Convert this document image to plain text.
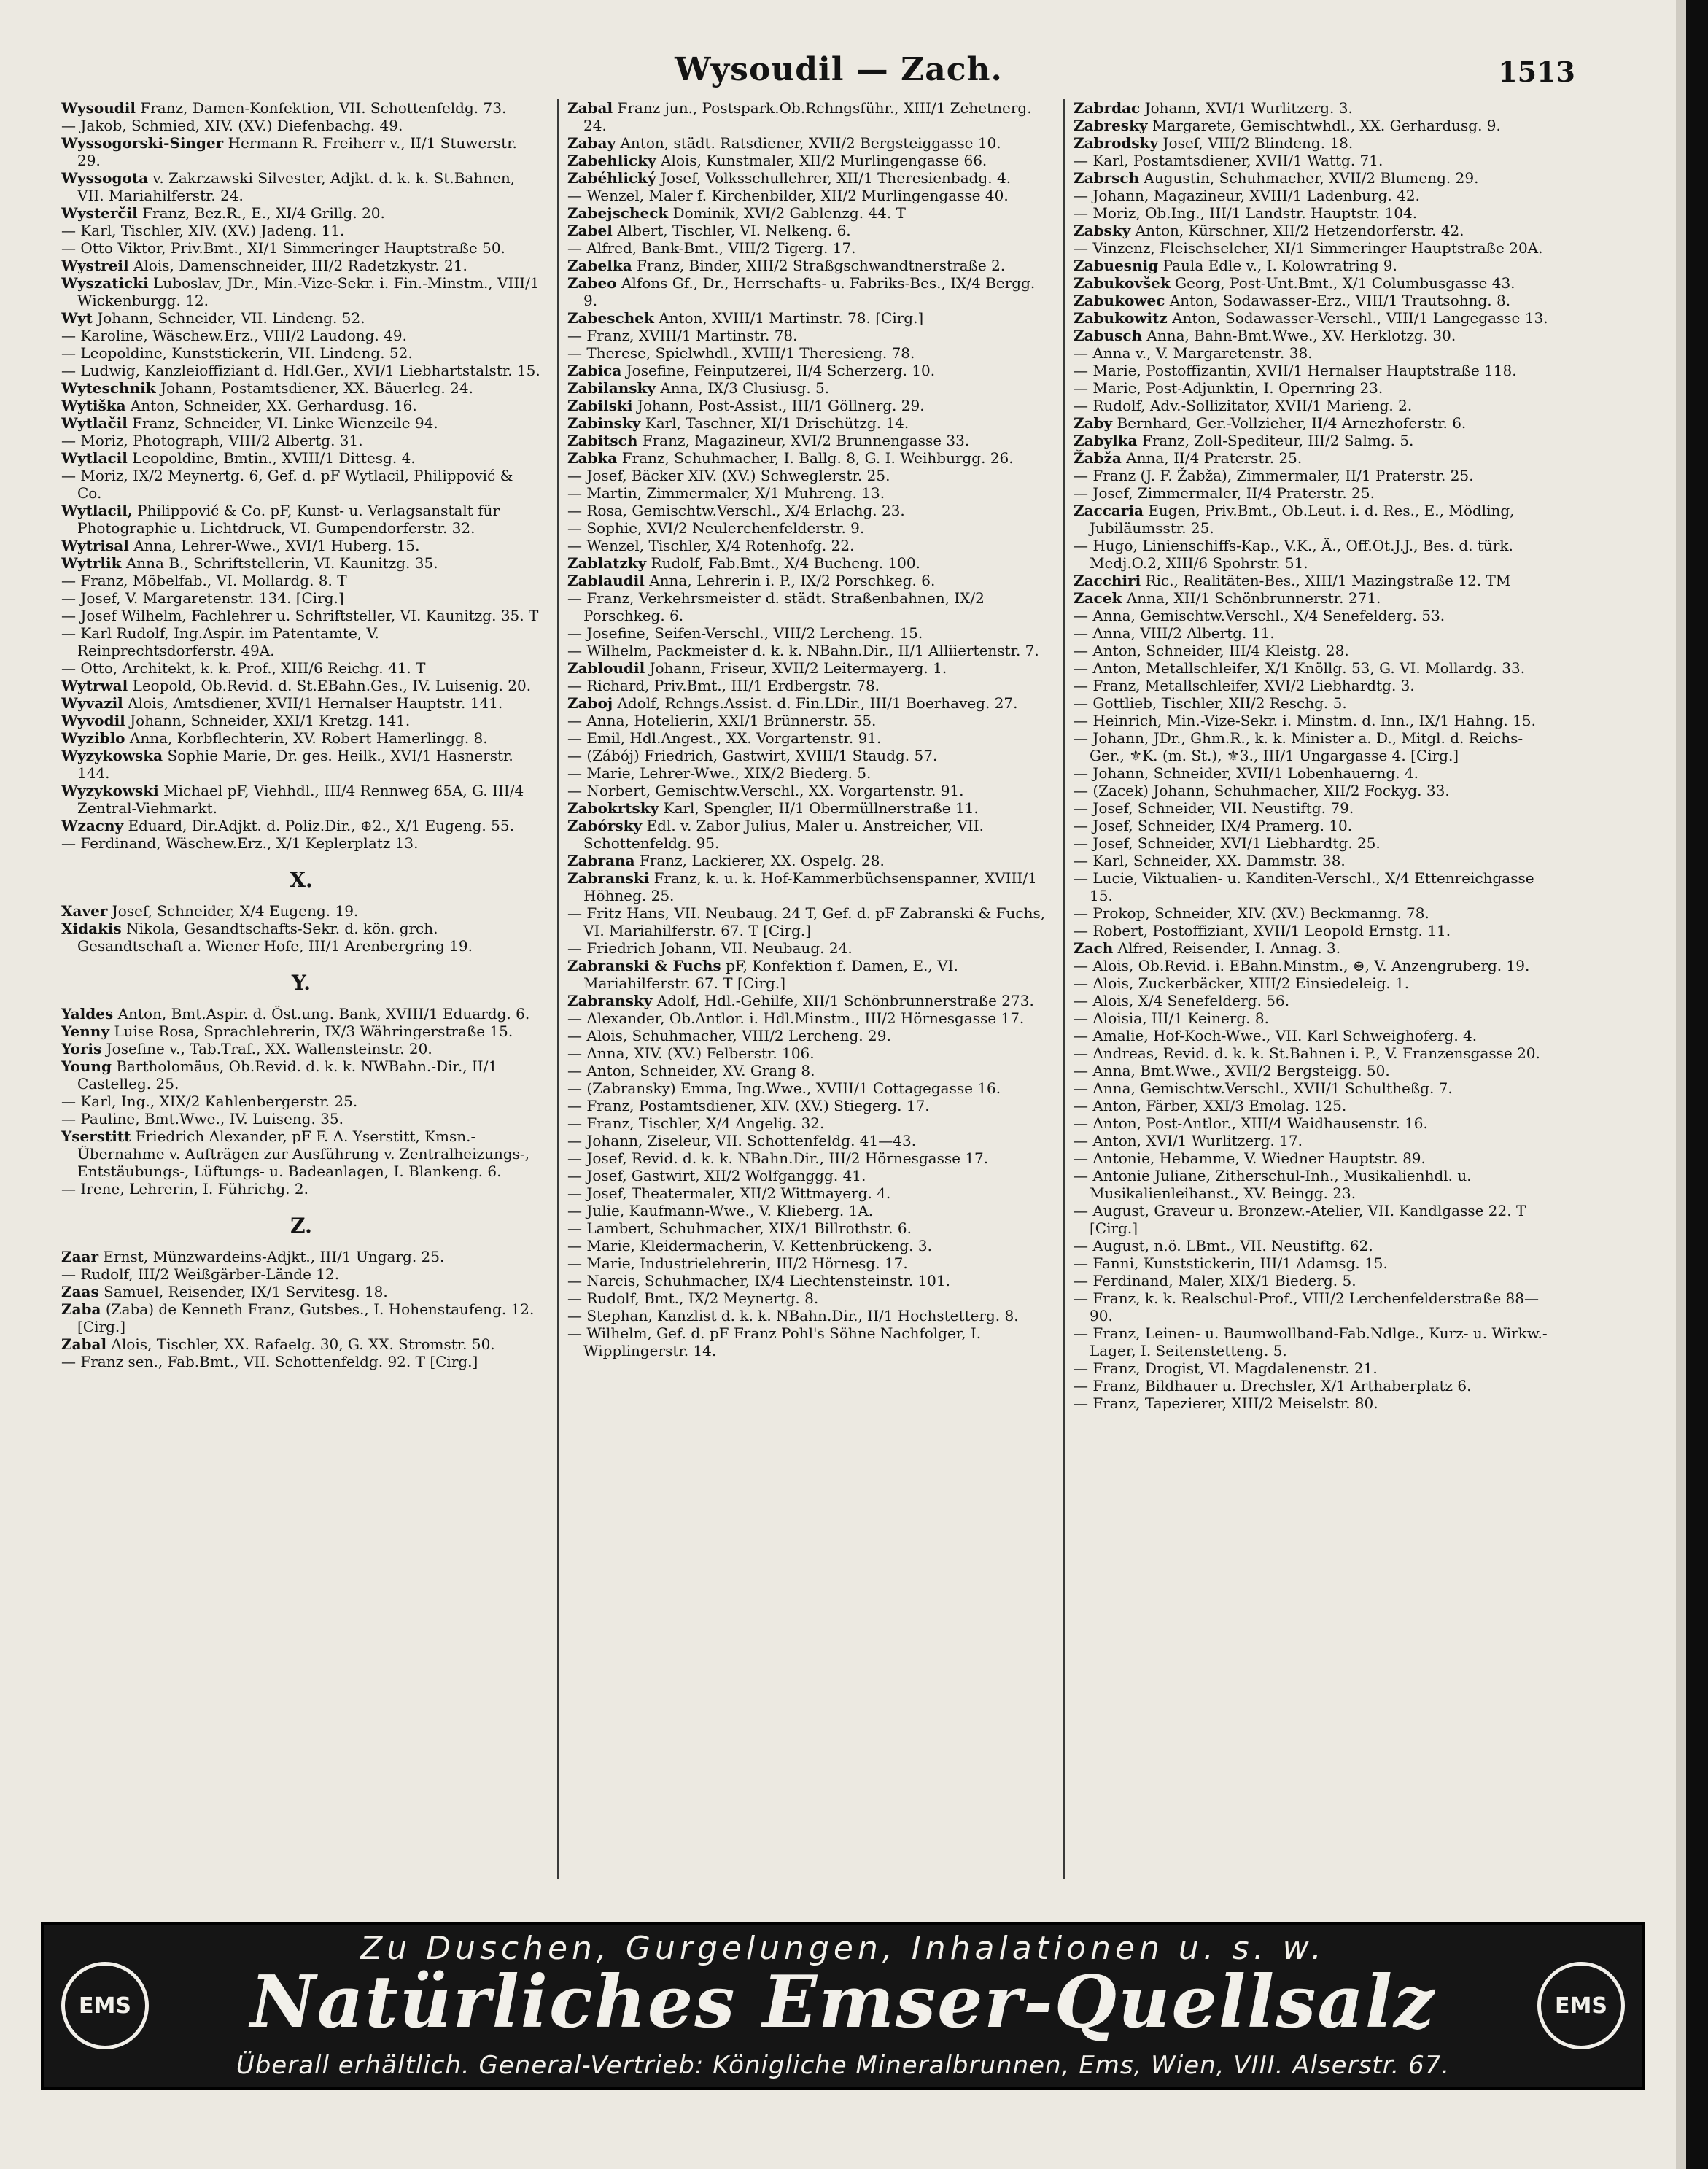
Wysoudil — Zach.	1513

Wysoudil Franz, Damen-Konfektion, VII. Schottenfeldg. 73.

— Jakob, Schmied, XIV. (XV.) Diefenbachg. 49.

Wyssogorski-Singer Hermann R. Freiherr v., II/1 Stuwerstr. 29.

Wyssogota v. Zakrzawski Silvester, Adjkt. d. k. k. St.Bahnen, VII. Mariahilferstr. 24.

Wysterčil Franz, Bez.R., E., XI/4 Grillg. 20.

— Karl, Tischler, XIV. (XV.) Jadeng. 11.

— Otto Viktor, Priv.Bmt., XI/1 Simmeringer Hauptstraße 50.

Wystreil Alois, Damenschneider, III/2 Radetzkystr. 21.

Wyszaticki Luboslav, JDr., Min.-Vize-Sekr. i. Fin.-Minstm., VIII/1 Wickenburgg. 12.

Wyt Johann, Schneider, VII. Lindeng. 52.

— Karoline, Wäschew.Erz., VIII/2 Laudong. 49.

— Leopoldine, Kunststickerin, VII. Lindeng. 52.

— Ludwig, Kanzleioffiziant d. Hdl.Ger., XVI/1 Liebhartstalstr. 15.

Wyteschnik Johann, Postamtsdiener, XX. Bäuerleg. 24.

Wytiška Anton, Schneider, XX. Gerhardusg. 16.

Wytlačil Franz, Schneider, VI. Linke Wienzeile 94.

— Moriz, Photograph, VIII/2 Albertg. 31.

Wytlacil Leopoldine, Bmtin., XVIII/1 Dittesg. 4.

— Moriz, IX/2 Meynertg. 6, Gef. d. pF Wytlacil, Philippović & Co.

Wytlacil, Philippović & Co. pF, Kunst- u. Verlagsanstalt für Photographie u. Lichtdruck, VI. Gumpendorferstr. 32.

Wytrisal Anna, Lehrer-Wwe., XVI/1 Huberg. 15.

Wytrlik Anna B., Schriftstellerin, VI. Kaunitzg. 35.

— Franz, Möbelfab., VI. Mollardg. 8. T

— Josef, V. Margaretenstr. 134. [Cirg.]

— Josef Wilhelm, Fachlehrer u. Schriftsteller, VI. Kaunitzg. 35. T

— Karl Rudolf, Ing.Aspir. im Patentamte, V. Reinprechtsdorferstr. 49A.

— Otto, Architekt, k. k. Prof., XIII/6 Reichg. 41. T

Wytrwal Leopold, Ob.Revid. d. St.EBahn.Ges., IV. Luisenig. 20.

Wyvazil Alois, Amtsdiener, XVII/1 Hernalser Hauptstr. 141.

Wyvodil Johann, Schneider, XXI/1 Kretzg. 141.

Wyziblo Anna, Korbflechterin, XV. Robert Hamerlingg. 8.

Wyzykowska Sophie Marie, Dr. ges. Heilk., XVI/1 Hasnerstr. 144.

Wyzykowski Michael pF, Viehhdl., III/4 Rennweg 65A, G. III/4 Zentral-Viehmarkt.

Wzacny Eduard, Dir.Adjkt. d. Poliz.Dir., ⊕2., X/1 Eugeng. 55.

— Ferdinand, Wäschew.Erz., X/1 Keplerplatz 13.

X.

Xaver Josef, Schneider, X/4 Eugeng. 19.

Xidakis Nikola, Gesandtschafts-Sekr. d. kön. grch. Gesandtschaft a. Wiener Hofe, III/1 Arenbergring 19.

Y.

Yaldes Anton, Bmt.Aspir. d. Öst.ung. Bank, XVIII/1 Eduardg. 6.

Yenny Luise Rosa, Sprachlehrerin, IX/3 Währingerstraße 15.

Yoris Josefine v., Tab.Traf., XX. Wallensteinstr. 20.

Young Bartholomäus, Ob.Revid. d. k. k. NWBahn.-Dir., II/1 Castelleg. 25.

— Karl, Ing., XIX/2 Kahlenbergerstr. 25.

— Pauline, Bmt.Wwe., IV. Luiseng. 35.

Yserstitt Friedrich Alexander, pF F. A. Yserstitt, Kmsn.-Übernahme v. Aufträgen zur Ausführung v. Zentralheizungs-, Entstäubungs-, Lüftungs- u. Badeanlagen, I. Blankeng. 6.

— Irene, Lehrerin, I. Führichg. 2.

Z.

Zaar Ernst, Münzwardeins-Adjkt., III/1 Ungarg. 25.

— Rudolf, III/2 Weißgärber-Lände 12.

Zaas Samuel, Reisender, IX/1 Servitesg. 18.

Zaba (Zaba) de Kenneth Franz, Gutsbes., I. Hohenstaufeng. 12. [Cirg.]

Zabal Alois, Tischler, XX. Rafaelg. 30, G. XX. Stromstr. 50.

— Franz sen., Fab.Bmt., VII. Schottenfeldg. 92. T [Cirg.]

Zabal Franz jun., Postspark.Ob.Rchngsführ., XIII/1 Zehetnerg. 24.

Zabay Anton, städt. Ratsdiener, XVII/2 Bergsteiggasse 10.

Zabehlicky Alois, Kunstmaler, XII/2 Murlingengasse 66.

Zabéhlický Josef, Volksschullehrer, XII/1 Theresienbadg. 4.

— Wenzel, Maler f. Kirchenbilder, XII/2 Murlingengasse 40.

Zabejscheck Dominik, XVI/2 Gablenzg. 44. T

Zabel Albert, Tischler, VI. Nelkeng. 6.

— Alfred, Bank-Bmt., VIII/2 Tigerg. 17.

Zabelka Franz, Binder, XIII/2 Straßgschwandtnerstraße 2.

Zabeo Alfons Gf., Dr., Herrschafts- u. Fabriks-Bes., IX/4 Bergg. 9.

Zabeschek Anton, XVIII/1 Martinstr. 78. [Cirg.]

— Franz, XVIII/1 Martinstr. 78.

— Therese, Spielwhdl., XVIII/1 Theresieng. 78.

Zabica Josefine, Feinputzerei, II/4 Scherzerg. 10.

Zabilansky Anna, IX/3 Clusiusg. 5.

Zabilski Johann, Post-Assist., III/1 Göllnerg. 29.

Zabinsky Karl, Taschner, XI/1 Drischützg. 14.

Zabitsch Franz, Magazineur, XVI/2 Brunnengasse 33.

Zabka Franz, Schuhmacher, I. Ballg. 8, G. I. Weihburgg. 26.

— Josef, Bäcker XIV. (XV.) Schweglerstr. 25.

— Martin, Zimmermaler, X/1 Muhreng. 13.

— Rosa, Gemischtw.Verschl., X/4 Erlachg. 23.

— Sophie, XVI/2 Neulerchenfelderstr. 9.

— Wenzel, Tischler, X/4 Rotenhofg. 22.

Zablatzky Rudolf, Fab.Bmt., X/4 Bucheng. 100.

Zablaudil Anna, Lehrerin i. P., IX/2 Porschkeg. 6.

— Franz, Verkehrsmeister d. städt. Straßenbahnen, IX/2 Porschkeg. 6.

— Josefine, Seifen-Verschl., VIII/2 Lercheng. 15.

— Wilhelm, Packmeister d. k. k. NBahn.Dir., II/1 Alliiertenstr. 7.

Zabloudil Johann, Friseur, XVII/2 Leitermayerg. 1.

— Richard, Priv.Bmt., III/1 Erdbergstr. 78.

Zaboj Adolf, Rchngs.Assist. d. Fin.LDir., III/1 Boerhaveg. 27.

— Anna, Hotelierin, XXI/1 Brünnerstr. 55.

— Emil, Hdl.Angest., XX. Vorgartenstr. 91.

— (Zábój) Friedrich, Gastwirt, XVIII/1 Staudg. 57.

— Marie, Lehrer-Wwe., XIX/2 Biederg. 5.

— Norbert, Gemischtw.Verschl., XX. Vorgartenstr. 91.

Zabokrtsky Karl, Spengler, II/1 Obermüllnerstraße 11.

Zabórsky Edl. v. Zabor Julius, Maler u. Anstreicher, VII. Schottenfeldg. 95.

Zabrana Franz, Lackierer, XX. Ospelg. 28.

Zabranski Franz, k. u. k. Hof-Kammerbüchsenspanner, XVIII/1 Höhneg. 25.

— Fritz Hans, VII. Neubaug. 24 T, Gef. d. pF Zabranski & Fuchs, VI. Mariahilferstr. 67. T [Cirg.]

— Friedrich Johann, VII. Neubaug. 24.

Zabranski & Fuchs pF, Konfektion f. Damen, E., VI. Mariahilferstr. 67. T [Cirg.]

Zabransky Adolf, Hdl.-Gehilfe, XII/1 Schönbrunnerstraße 273.

— Alexander, Ob.Antlor. i. Hdl.Minstm., III/2 Hörnesgasse 17.

— Alois, Schuhmacher, VIII/2 Lercheng. 29.

— Anna, XIV. (XV.) Felberstr. 106.

— Anton, Schneider, XV. Grang 8.

— (Zabransky) Emma, Ing.Wwe., XVIII/1 Cottagegasse 16.

— Franz, Postamtsdiener, XIV. (XV.) Stiegerg. 17.

— Franz, Tischler, X/4 Angelig. 32.

— Johann, Ziseleur, VII. Schottenfeldg. 41—43.

— Josef, Revid. d. k. k. NBahn.Dir., III/2 Hörnesgasse 17.

— Josef, Gastwirt, XII/2 Wolfganggg. 41.

— Josef, Theatermaler, XII/2 Wittmayerg. 4.

— Julie, Kaufmann-Wwe., V. Klieberg. 1A.

— Lambert, Schuhmacher, XIX/1 Billrothstr. 6.

— Marie, Kleidermacherin, V. Kettenbrückeng. 3.

— Marie, Industrielehrerin, III/2 Hörnesg. 17.

— Narcis, Schuhmacher, IX/4 Liechtensteinstr. 101.

— Rudolf, Bmt., IX/2 Meynertg. 8.

— Stephan, Kanzlist d. k. k. NBahn.Dir., II/1 Hochstetterg. 8.

— Wilhelm, Gef. d. pF Franz Pohl's Söhne Nachfolger, I. Wipplingerstr. 14.

Zabrdac Johann, XVI/1 Wurlitzerg. 3.

Zabresky Margarete, Gemischtwhdl., XX. Gerhardusg. 9.

Zabrodsky Josef, VIII/2 Blindeng. 18.

— Karl, Postamtsdiener, XVII/1 Wattg. 71.

Zabrsch Augustin, Schuhmacher, XVII/2 Blumeng. 29.

— Johann, Magazineur, XVIII/1 Ladenburg. 42.

— Moriz, Ob.Ing., III/1 Landstr. Hauptstr. 104.

Zabsky Anton, Kürschner, XII/2 Hetzendorferstr. 42.

— Vinzenz, Fleischselcher, XI/1 Simmeringer Hauptstraße 20A.

Zabuesnig Paula Edle v., I. Kolowratring 9.

Zabukovšek Georg, Post-Unt.Bmt., X/1 Columbusgasse 43.

Zabukowec Anton, Sodawasser-Erz., VIII/1 Trautsohng. 8.

Zabukowitz Anton, Sodawasser-Verschl., VIII/1 Langegasse 13.

Zabusch Anna, Bahn-Bmt.Wwe., XV. Herklotzg. 30.

— Anna v., V. Margaretenstr. 38.

— Marie, Postoffizantin, XVII/1 Hernalser Hauptstraße 118.

— Marie, Post-Adjunktin, I. Opernring 23.

— Rudolf, Adv.-Sollizitator, XVII/1 Marieng. 2.

Zaby Bernhard, Ger.-Vollzieher, II/4 Arnezhoferstr. 6.

Zabylka Franz, Zoll-Spediteur, III/2 Salmg. 5.

Žabža Anna, II/4 Praterstr. 25.

— Franz (J. F. Žabža), Zimmermaler, II/1 Praterstr. 25.

— Josef, Zimmermaler, II/4 Praterstr. 25.

Zaccaria Eugen, Priv.Bmt., Ob.Leut. i. d. Res., E., Mödling, Jubiläumsstr. 25.

— Hugo, Linienschiffs-Kap., V.K., Ä., Off.Ot.J.J., Bes. d. türk. Medj.O.2, XIII/6 Spohrstr. 51.

Zacchiri Ric., Realitäten-Bes., XIII/1 Mazingstraße 12. TM

Zacek Anna, XII/1 Schönbrunnerstr. 271.

— Anna, Gemischtw.Verschl., X/4 Senefelderg. 53.

— Anna, VIII/2 Albertg. 11.

— Anton, Schneider, III/4 Kleistg. 28.

— Anton, Metallschleifer, X/1 Knöllg. 53, G. VI. Mollardg. 33.

— Franz, Metallschleifer, XVI/2 Liebhardtg. 3.

— Gottlieb, Tischler, XII/2 Reschg. 5.

— Heinrich, Min.-Vize-Sekr. i. Minstm. d. Inn., IX/1 Hahng. 15.

— Johann, JDr., Ghm.R., k. k. Minister a. D., Mitgl. d. Reichs-Ger., ⚜K. (m. St.), ⚜3., III/1 Ungargasse 4. [Cirg.]

— Johann, Schneider, XVII/1 Lobenhauerng. 4.

— (Zacek) Johann, Schuhmacher, XII/2 Fockyg. 33.

— Josef, Schneider, VII. Neustiftg. 79.

— Josef, Schneider, IX/4 Pramerg. 10.

— Josef, Schneider, XVI/1 Liebhardtg. 25.

— Karl, Schneider, XX. Dammstr. 38.

— Lucie, Viktualien- u. Kanditen-Verschl., X/4 Ettenreichgasse 15.

— Prokop, Schneider, XIV. (XV.) Beckmanng. 78.

— Robert, Postoffiziant, XVII/1 Leopold Ernstg. 11.

Zach Alfred, Reisender, I. Annag. 3.

— Alois, Ob.Revid. i. EBahn.Minstm., ⊛, V. Anzengruberg. 19.

— Alois, Zuckerbäcker, XIII/2 Einsiedeleig. 1.

— Alois, X/4 Senefelderg. 56.

— Aloisia, III/1 Keinerg. 8.

— Amalie, Hof-Koch-Wwe., VII. Karl Schweighoferg. 4.

— Andreas, Revid. d. k. k. St.Bahnen i. P., V. Franzensgasse 20.

— Anna, Bmt.Wwe., XVII/2 Bergsteigg. 50.

— Anna, Gemischtw.Verschl., XVII/1 Schultheßg. 7.

— Anton, Färber, XXI/3 Emolag. 125.

— Anton, Post-Antlor., XIII/4 Waidhausenstr. 16.

— Anton, XVI/1 Wurlitzerg. 17.

— Antonie, Hebamme, V. Wiedner Hauptstr. 89.

— Antonie Juliane, Zitherschul-Inh., Musikalienhdl. u. Musikalienleihanst., XV. Beingg. 23.

— August, Graveur u. Bronzew.-Atelier, VII. Kandlgasse 22. T [Cirg.]

— August, n.ö. LBmt., VII. Neustiftg. 62.

— Fanni, Kunststickerin, III/1 Adamsg. 15.

— Ferdinand, Maler, XIX/1 Biederg. 5.

— Franz, k. k. Realschul-Prof., VIII/2 Lerchenfelderstraße 88—90.

— Franz, Leinen- u. Baumwollband-Fab.Ndlge., Kurz- u. Wirkw.-Lager, I. Seitenstetteng. 5.

— Franz, Drogist, VI. Magdalenenstr. 21.

— Franz, Bildhauer u. Drechsler, X/1 Arthaberplatz 6.

— Franz, Tapezierer, XIII/2 Meiselstr. 80.

EMS	EMS
Zu Duschen, Gurgelungen, Inhalationen u. s. w.
Natürliches Emser-Quellsalz
Überall erhältlich. General-Vertrieb: Königliche Mineralbrunnen, Ems, Wien, VIII. Alserstr. 67.
